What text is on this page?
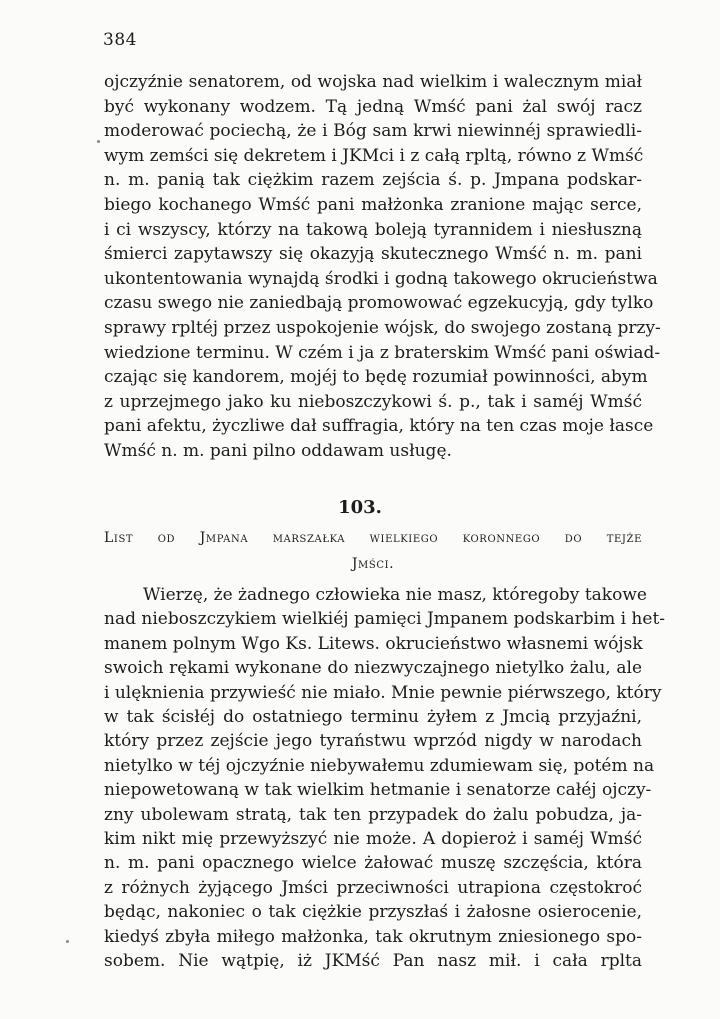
384
ojczyźnie senatorem, od wojska nad wielkim i walecznym miał
być wykonany wodzem. Tą jedną Wmść pani żal swój racz
moderować pociechą, że i Bóg sam krwi niewinnéj sprawiedli-
wym zemści się dekretem i JKMci i z całą rpltą, równo z Wmść
n. m. panią tak ciężkim razem zejścia ś. p. Jmpana podskar-
biego kochanego Wmść pani małżonka zranione mając serce,
i ci wszyscy, którzy na takową boleją tyrannidem i niesłuszną
śmierci zapytawszy się okazyją skutecznego Wmść n. m. pani
ukontentowania wynajdą środki i godną takowego okrucieństwa
czasu swego nie zaniedbają promowować egzekucyją, gdy tylko
sprawy rpltéj przez uspokojenie wójsk, do swojego zostaną przy-
wiedzione terminu. W czém i ja z braterskim Wmść pani oświad-
czając się kandorem, mojéj to będę rozumiał powinności, abym
z uprzejmego jako ku nieboszczykowi ś. p., tak i saméj Wmść
pani afektu, życzliwe dał suffragia, który na ten czas moje łasce
Wmść n. m. pani pilno oddawam usługę.
103.
List od Jmpana marszałka wielkiego koronnego do tejże
Jmści.
Wierzę, że żadnego człowieka nie masz, któregoby takowe
nad nieboszczykiem wielkiéj pamięci Jmpanem podskarbim i het-
manem polnym Wgo Ks. Litews. okrucieństwo własnemi wójsk
swoich rękami wykonane do niezwyczajnego nietylko żalu, ale
i ulęknienia przywieść nie miało. Mnie pewnie piérwszego, który
w tak ścisłéj do ostatniego terminu żyłem z Jmcią przyjaźni,
który przez zejście jego tyraństwu wprzód nigdy w narodach
nietylko w téj ojczyźnie niebywałemu zdumiewam się, potém na
niepowetowaną w tak wielkim hetmanie i senatorze całéj ojczy-
zny ubolewam stratą, tak ten przypadek do żalu pobudza, ja-
kim nikt mię przewyższyć nie może. A dopieroż i saméj Wmść
n. m. pani opacznego wielce żałować muszę szczęścia, która
z różnych żyjącego Jmści przeciwności utrapiona częstokroć
będąc, nakoniec o tak ciężkie przyszłaś i żałosne osierocenie,
kiedyś zbyła miłego małżonka, tak okrutnym zniesionego spo-
sobem. Nie wątpię, iż JKMść Pan nasz mił. i cała rplta
